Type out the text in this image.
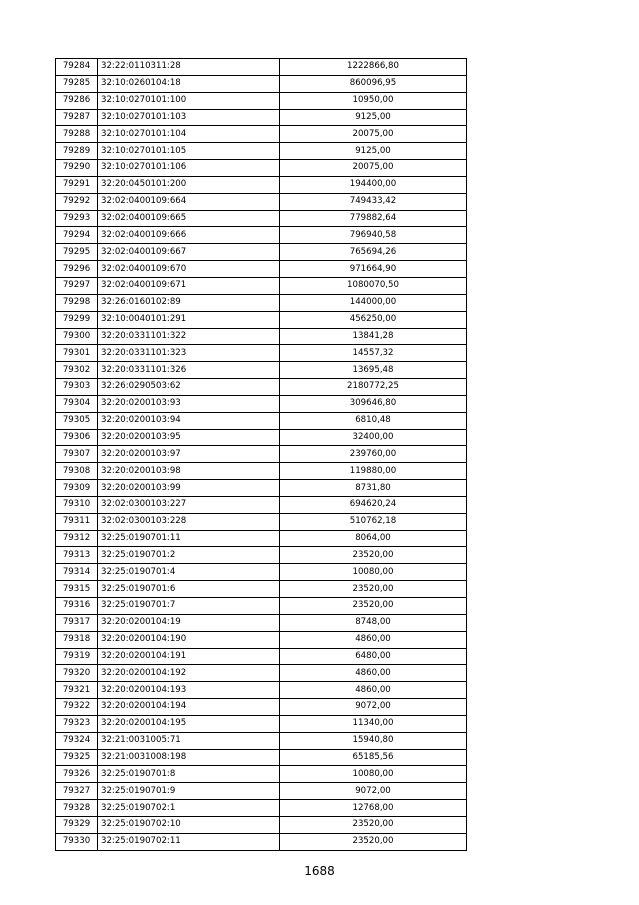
79284	32:22:0110311:28	1222866,80
79285	32:10:0260104:18	860096,95
79286	32:10:0270101:100	10950,00
79287	32:10:0270101:103	9125,00
79288	32:10:0270101:104	20075,00
79289	32:10:0270101:105	9125,00
79290	32:10:0270101:106	20075,00
79291	32:20:0450101:200	194400,00
79292	32:02:0400109:664	749433,42
79293	32:02:0400109:665	779882,64
79294	32:02:0400109:666	796940,58
79295	32:02:0400109:667	765694,26
79296	32:02:0400109:670	971664,90
79297	32:02:0400109:671	1080070,50
79298	32:26:0160102:89	144000,00
79299	32:10:0040101:291	456250,00
79300	32:20:0331101:322	13841,28
79301	32:20:0331101:323	14557,32
79302	32:20:0331101:326	13695,48
79303	32:26:0290503:62	2180772,25
79304	32:20:0200103:93	309646,80
79305	32:20:0200103:94	6810,48
79306	32:20:0200103:95	32400,00
79307	32:20:0200103:97	239760,00
79308	32:20:0200103:98	119880,00
79309	32:20:0200103:99	8731,80
79310	32:02:0300103:227	694620,24
79311	32:02:0300103:228	510762,18
79312	32:25:0190701:11	8064,00
79313	32:25:0190701:2	23520,00
79314	32:25:0190701:4	10080,00
79315	32:25:0190701:6	23520,00
79316	32:25:0190701:7	23520,00
79317	32:20:0200104:19	8748,00
79318	32:20:0200104:190	4860,00
79319	32:20:0200104:191	6480,00
79320	32:20:0200104:192	4860,00
79321	32:20:0200104:193	4860,00
79322	32:20:0200104:194	9072,00
79323	32:20:0200104:195	11340,00
79324	32:21:0031005:71	15940,80
79325	32:21:0031008:198	65185,56
79326	32:25:0190701:8	10080,00
79327	32:25:0190701:9	9072,00
79328	32:25:0190702:1	12768,00
79329	32:25:0190702:10	23520,00
79330	32:25:0190702:11	23520,00
1688
